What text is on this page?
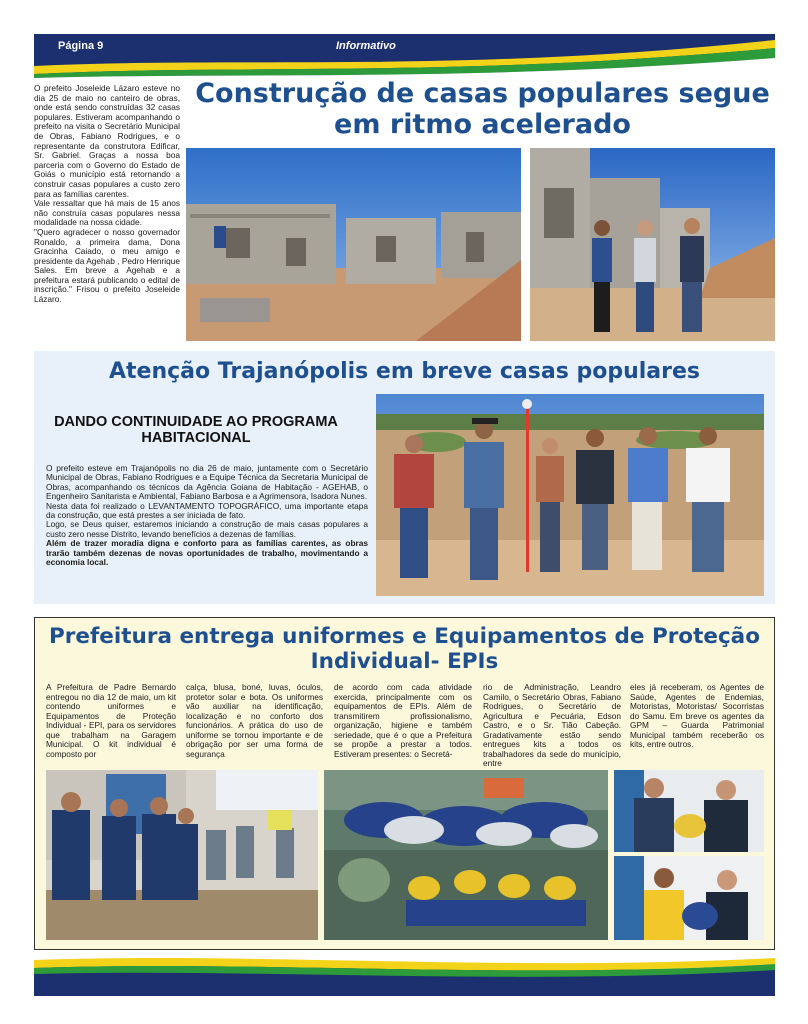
Página 9	Informativo
Construção de casas populares segue em ritmo acelerado

O prefeito Joseleide Lázaro esteve no dia 25 de maio no canteiro de obras, onde está sendo construídas 32 casas populares. Estiveram acompanhando o prefeito na visita o Secretário Municipal de Obras, Fabiano Rodrigues, e o representante da construtora Edificar, Sr. Gabriel. Graças a nossa boa parceria com o Governo do Estado de Goiás o município está retornando a construir casas populares a custo zero para as famílias carentes.

Vale ressaltar que há mais de 15 anos não construía casas populares nessa modalidade na nossa cidade.

"Quero agradecer o nosso governador Ronaldo, a primeira dama, Dona Gracinha Caiado, o meu amigo e presidente da Agehab , Pedro Henrique Sales. Em breve a Agehab e a prefeitura estará publicando o edital de inscrição." Frisou o prefeito Joseleide Lázaro.

Atenção Trajanópolis em breve casas populares
DANDO CONTINUIDADE AO PROGRAMA HABITACIONAL

O prefeito esteve em Trajanópolis no dia 26 de maio, juntamente com o Secretário Municipal de Obras, Fabiano Rodrigues e a Equipe Técnica da Secretaria Municipal de Obras, acompanhando os técnicos da Agência Goiana de Habitação - AGEHAB, o Engenheiro Sanitarista e Ambiental, Fabiano Barbosa e a Agrimensora, Isadora Nunes.

Nesta data foi realizado o LEVANTAMENTO TOPOGRÁFICO, uma importante etapa da construção, que está prestes a ser iniciada de fato.

Logo, se Deus quiser, estaremos iniciando a construção de mais casas populares a custo zero nesse Distrito, levando benefícios a dezenas de famílias.

Além de trazer moradia digna e conforto para as famílias carentes, as obras trarão também dezenas de novas oportunidades de trabalho, movimentando a economia local.

Prefeitura entrega uniformes e Equipamentos de Proteção Individual- EPIs

A Prefeitura de Padre Bernardo entregou no dia 12 de maio, um kit contendo uniformes e Equipamentos de Proteção Individual - EPI, para os servidores que trabalham na Garagem Municipal. O kit individual é composto por

calça, blusa, boné, luvas, óculos, protetor solar e bota. Os uniformes vão auxiliar na identificação, localização e no conforto dos funcionários. A prática do uso de uniforme se tornou importante e de obrigação por ser uma forma de segurança

de acordo com cada atividade exercida, principalmente com os equipamentos de EPIs. Além de transmitirem profissionalismo, organização, higiene e também seriedade, que é o que a Prefeitura se propõe a prestar a todos. Estiveram presentes: o Secretá-

rio de Administração, Leandro Camilo, o Secretário Obras, Fabiano Rodrigues, o Secretário de Agricultura e Pecuária, Edson Castro, e o Sr. Tião Cabeção. Gradativamente estão sendo entregues kits a todos os trabalhadores da sede do município, entre

eles já receberam, os Agentes de Saúde, Agentes de Endemias, Motoristas, Motoristas/ Socorristas do Samu. Em breve os agentes da GPM – Guarda Patrimonial Municipal também receberão os kits, entre outros.
